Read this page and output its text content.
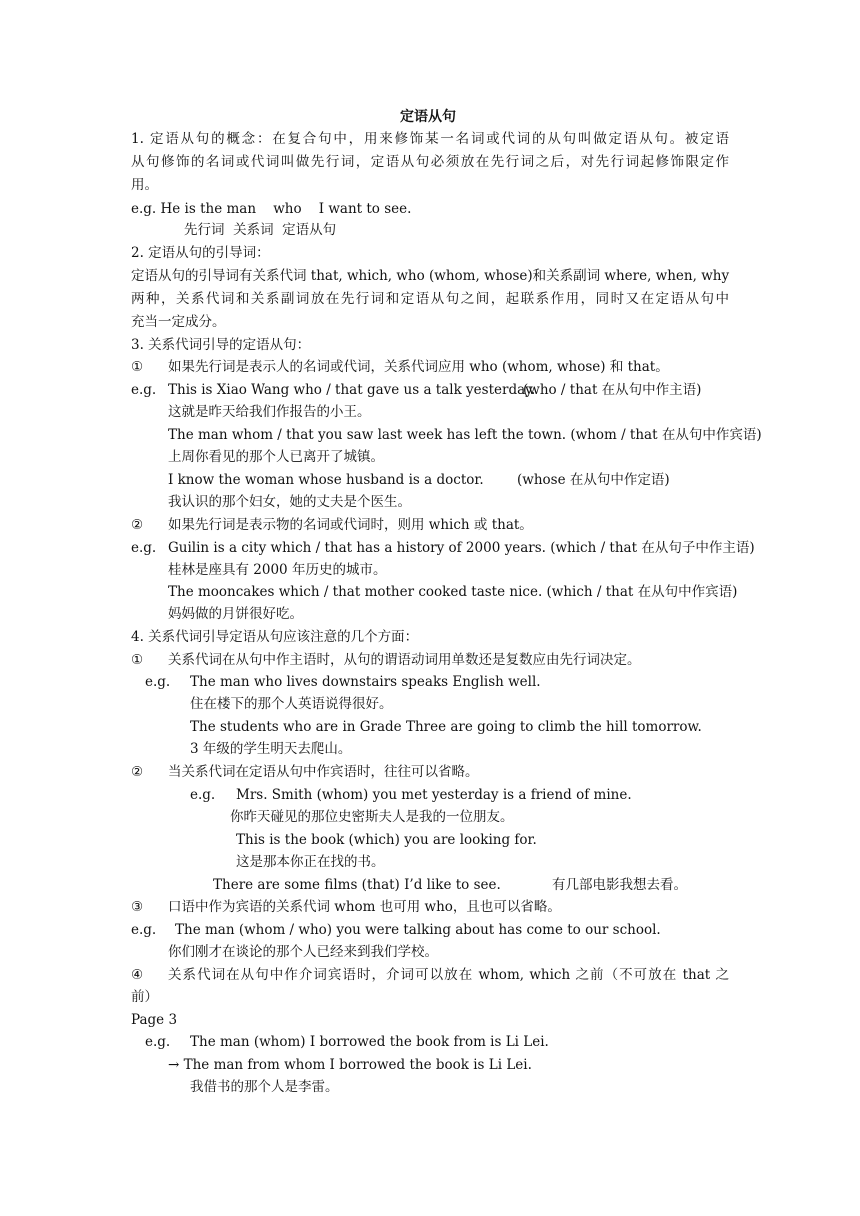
定语从句
1. 定语从句的概念：在复合句中，用来修饰某一名词或代词的从句叫做定语从句。被定语
从句修饰的名词或代词叫做先行词，定语从句必须放在先行词之后，对先行词起修饰限定作
用。
e.g. He is the man    who    I want to see.
先行词  关系词  定语从句
2. 定语从句的引导词：
定语从句的引导词有关系代词 that, which, who (whom, whose)和关系副词 where, when, why
两种，关系代词和关系副词放在先行词和定语从句之间，起联系作用，同时又在定语从句中
充当一定成分。
3. 关系代词引导的定语从句：
① 如果先行词是表示人的名词或代词，关系代词应用 who (whom, whose) 和 that。
e.g. This is Xiao Wang who / that gave us a talk yesterday.
(who / that 在从句中作主语)
这就是昨天给我们作报告的小王。
The man whom / that you saw last week has left the town. (whom / that 在从句中作宾语)
上周你看见的那个人已离开了城镇。
I know the woman whose husband is a doctor. (whose 在从句中作定语)
我认识的那个妇女，她的丈夫是个医生。
② 如果先行词是表示物的名词或代词时，则用 which 或 that。
e.g. Guilin is a city which / that has a history of 2000 years. (which / that 在从句子中作主语)
桂林是座具有 2000 年历史的城市。
The mooncakes which / that mother cooked taste nice. (which / that 在从句中作宾语)
妈妈做的月饼很好吃。
4. 关系代词引导定语从句应该注意的几个方面：
① 关系代词在从句中作主语时，从句的谓语动词用单数还是复数应由先行词决定。
e.g. The man who lives downstairs speaks English well.
住在楼下的那个人英语说得很好。
The students who are in Grade Three are going to climb the hill tomorrow.
3 年级的学生明天去爬山。
② 当关系代词在定语从句中作宾语时，往往可以省略。
e.g. Mrs. Smith (whom) you met yesterday is a friend of mine.
你昨天碰见的那位史密斯夫人是我的一位朋友。
This is the book (which) you are looking for.
这是那本你正在找的书。
There are some films (that) I’d like to see.	有几部电影我想去看。
③ 口语中作为宾语的关系代词 whom 也可用 who，且也可以省略。
e.g. The man (whom / who) you were talking about has come to our school.
你们刚才在谈论的那个人已经来到我们学校。
④ 关系代词在从句中作介词宾语时，介词可以放在 whom, which 之前（不可放在 that 之
前）
Page 3
e.g. The man (whom) I borrowed the book from is Li Lei.
→ The man from whom I borrowed the book is Li Lei.
我借书的那个人是李雷。
